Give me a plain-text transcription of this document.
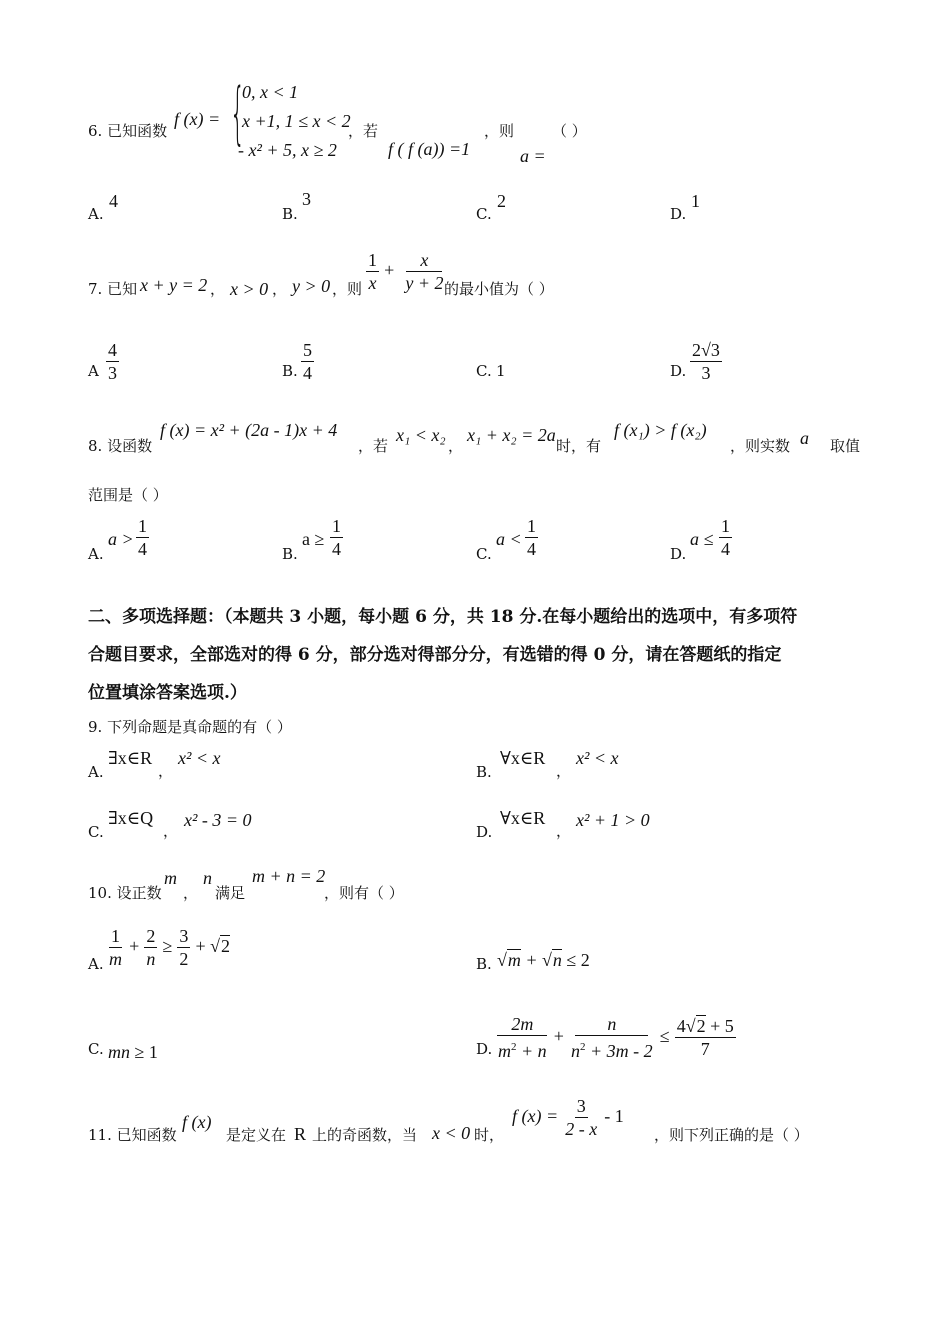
6. 已知函数
f (x) = {
0, x < 1
x +1, 1 ≤ x < 2
- x² + 5, x ≥ 2
，若
f ( f (a)) =1
，则
a =
（ ）
A.
4
B.
3
C.
2
D.
1
7. 已知 x + y = 2 ， x > 0 ， y > 0 ，则 $\frac{1}{x} + \frac{x}{y + 2}$
的最小值为（ ）
A $\frac{4}{3}$	B. $\frac{5}{4}$	C. 1	D. $\frac{2√3}{3}$
8. 设函数
f (x) = x² + (2a - 1)x + 4
，若
x₁ < x₂
，
x₁ + x₂ = 2a
时，有
f (x₁) > f (x₂)
，则实数 a 取值
范围是（ ）
A.
$a > \frac{1}{4}$	B.
$a \ge \frac{1}{4}$	C.
$a < \frac{1}{4}$	D.
$a \le \frac{1}{4}$
二、多项选择题：（本题共 3 小题，每小题 6 分，共 18 分.在每小题给出的选项中，有多项符
合题目要求，全部选对的得 6 分，部分选对得部分分，有选错的得 0 分，请在答题纸的指定
位置填涂答案选项.）
9. 下列命题是真命题的有（ ）
A.
∃x∈R
，
x² < x
B.
∀x∈R
，
x² < x
C.
∃x∈Q
，
x² - 3 = 0
D.
∀x∈R
，
x² + 1 > 0
10. 设正数
m
，
n
满足
m + n = 2
，则有（ ）
A. $\frac{1}{m} + \frac{2}{n} \ge \frac{3}{2} + √2$
B. √m + √n ≤ 2
C. mn ≥ 1	D. $\frac{2m}{m^2 + n} + \frac{n}{n^2 + 3m - 2} \le \frac{4√2 + 5}{7}$
11. 已知函数
f (x)
是定义在 R 上的奇函数，当 x < 0 时，
f $(x) = \frac{3}{2 - x} - 1$
，则下列正确的是（ ）
